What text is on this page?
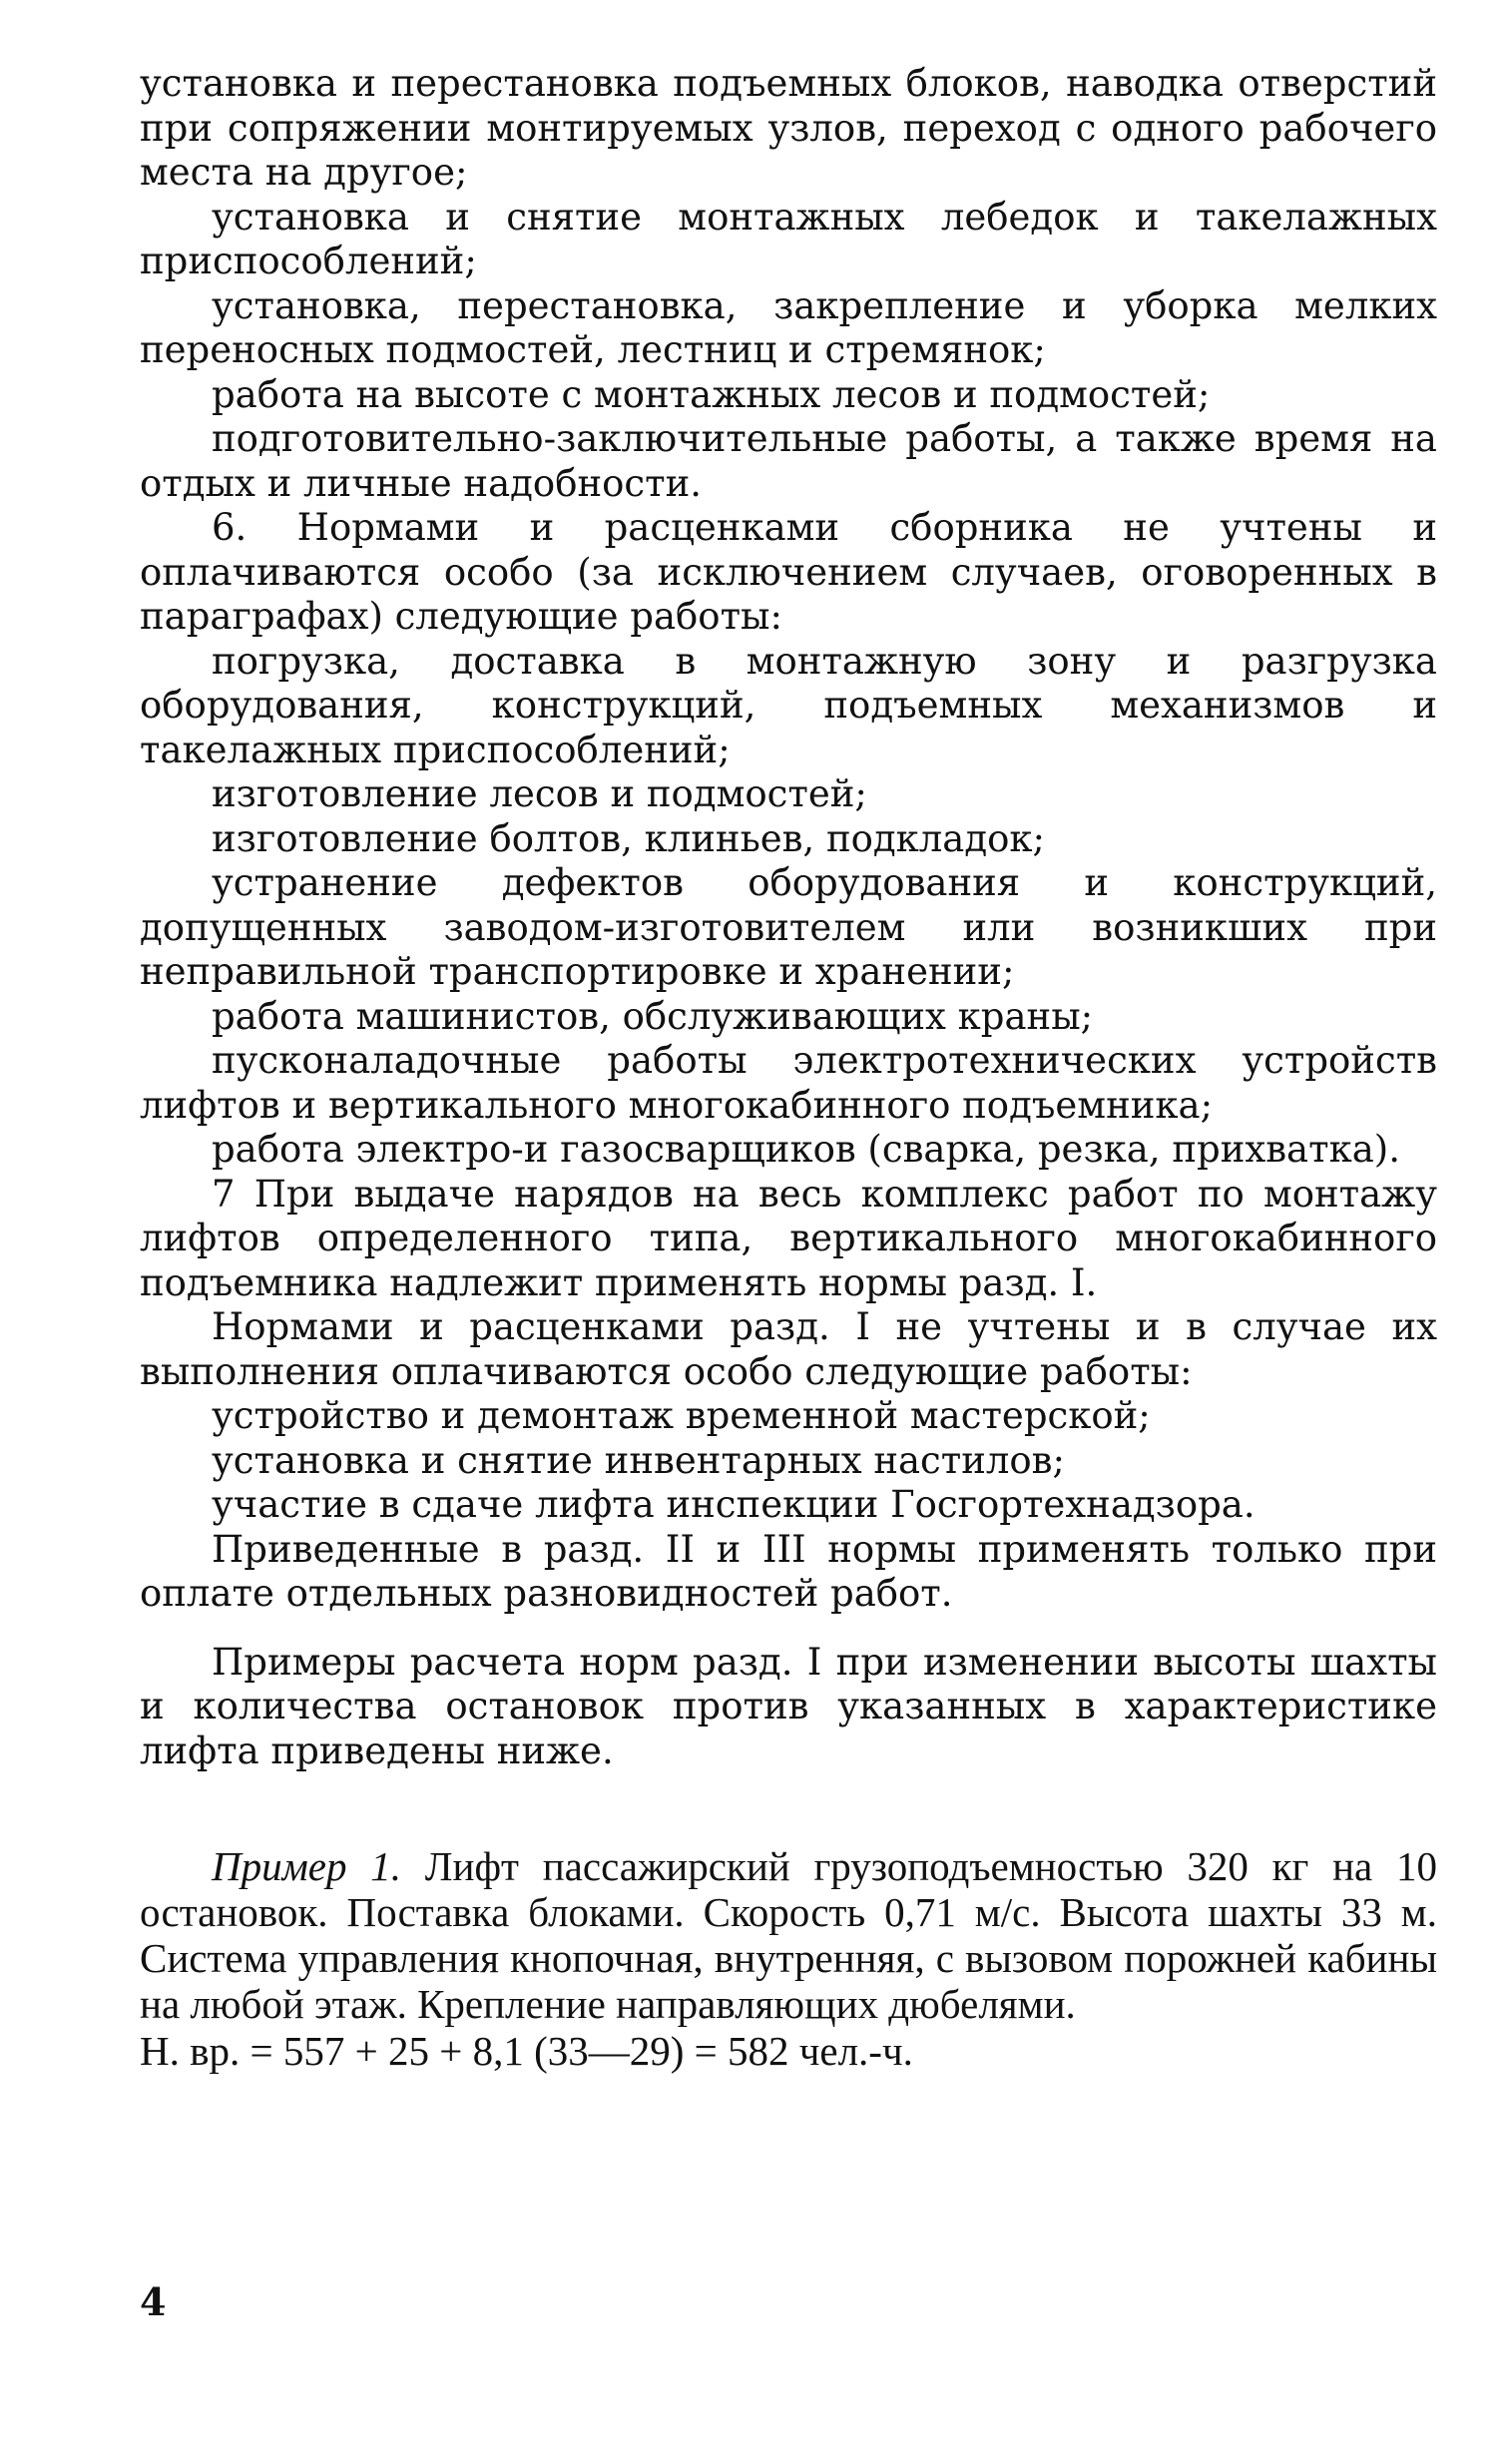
установка и перестановка подъемных блоков, наводка отверстий при сопряжении монтируемых узлов, переход с одного рабочего места на другое;

установка и снятие монтажных лебедок и такелажных приспособлений;

установка, перестановка, закрепление и уборка мелких переносных подмостей, лестниц и стремянок;

работа на высоте с монтажных лесов и подмостей;

подготовительно-заключительные работы, а также время на отдых и личные надобности.

6. Нормами и расценками сборника не учтены и оплачиваются особо (за исключением случаев, оговоренных в параграфах) следующие работы:

погрузка, доставка в монтажную зону и разгрузка оборудования, конструкций, подъемных механизмов и такелажных приспособлений;

изготовление лесов и подмостей;

изготовление болтов, клиньев, подкладок;

устранение дефектов оборудования и конструкций, допущенных заводом-изготовителем или возникших при неправильной транспортировке и хранении;

работа машинистов, обслуживающих краны;

пусконаладочные работы электротехнических устройств лифтов и вертикального многокабинного подъемника;

работа электро-и газосварщиков (сварка, резка, прихватка).

7 При выдаче нарядов на весь комплекс работ по монтажу лифтов определенного типа, вертикального многокабинного подъемника надлежит применять нормы разд. I.

Нормами и расценками разд. I не учтены и в случае их выполнения оплачиваются особо следующие работы:

устройство и демонтаж временной мастерской;

установка и снятие инвентарных настилов;

участие в сдаче лифта инспекции Госгортехнадзора.

Приведенные в разд. II и III нормы применять только при оплате отдельных разновидностей работ.

Примеры расчета норм разд. I при изменении высоты шахты и количества остановок против указанных в характеристике лифта приведены ниже.

Пример 1. Лифт пассажирский грузоподъемностью 320 кг на 10 остановок. Поставка блоками. Скорость 0,71 м/с. Высота шахты 33 м. Система управления кнопочная, внутренняя, с вызовом порожней кабины на любой этаж. Крепление направляющих дюбелями.

Н. вр. = 557 + 25 + 8,1 (33—29) = 582 чел.-ч.

4
